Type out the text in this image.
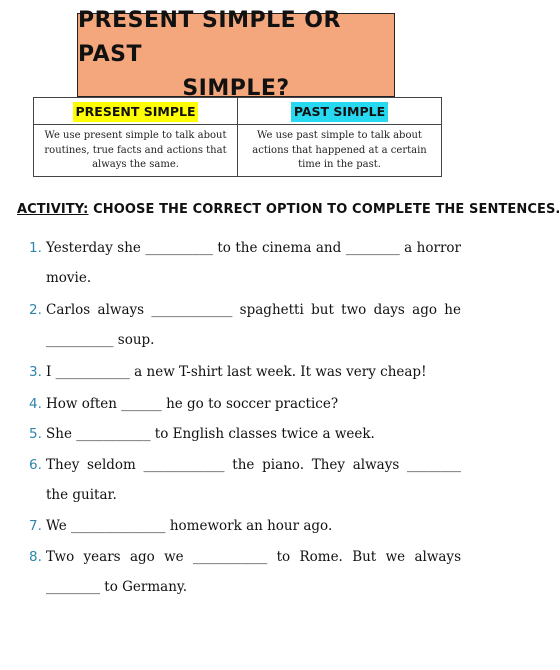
PRESENT SIMPLE OR PAST
SIMPLE?
PRESENT SIMPLE	PAST SIMPLE
We use present simple to talk about routines, true facts and actions that always the same.	We use past simple to talk about actions that happened at a certain time in the past.
ACTIVITY: CHOOSE THE CORRECT OPTION TO COMPLETE THE SENTENCES.
1. Yesterday she __________ to the cinema and ________ a horror movie.
2. Carlos always ____________ spaghetti but two days ago he __________ soup.
3. I ___________ a new T-shirt last week. It was very cheap!
4. How often ______ he go to soccer practice?
5. She ___________ to English classes twice a week.
6. They seldom ____________ the piano. They always ________ the guitar.
7. We ______________ homework an hour ago.
8. Two years ago we ___________ to Rome. But we always ________ to Germany.
